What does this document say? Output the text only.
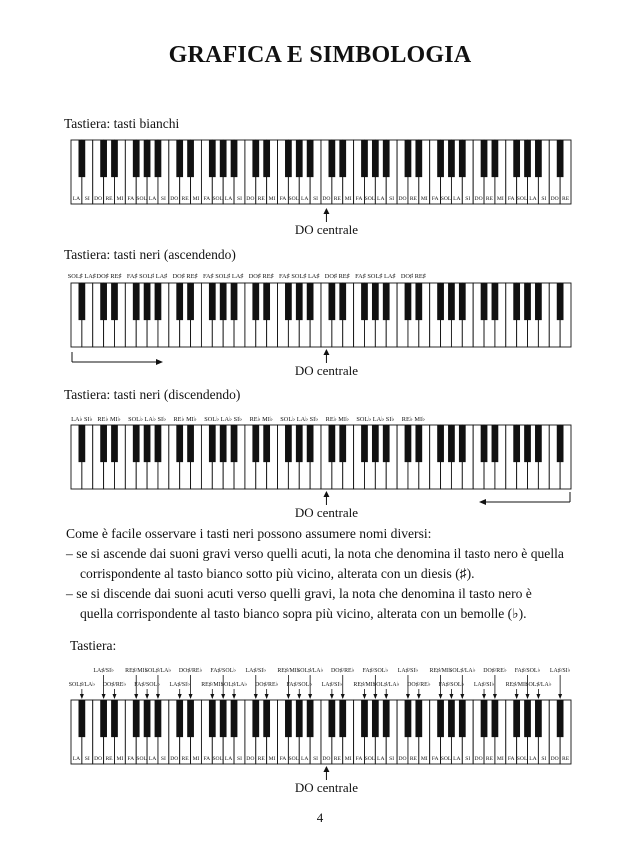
GRAFICA E SIMBOLOGIA
Tastiera: tasti bianchi
LA SI DO RE MI FA SOL LA SI DO RE MI FA SOL LA SI DO RE MI FA SOL LA SI DO RE MI FA SOL LA SI DO RE MI FA SOL LA SI DO RE MI FA SOL LA SI DO RE
DO centrale
SOL♯ LA♯ DO♯ RE♯ FA♯ SOL♯ LA♯ DO♯ RE♯ FA♯ SOL♯ LA♯ DO♯ RE♯ FA♯ SOL♯ LA♯ DO♯ RE♯ FA♯ SOL♯ LA♯ DO♯ RE♯
DO centrale
LA♭ SI♭ RE♭ MI♭ SOL♭ LA♭ SI♭ RE♭ MI♭ SOL♭ LA♭ SI♭ RE♭ MI♭ SOL♭ LA♭ SI♭ RE♭ MI♭ SOL♭ LA♭ SI♭ RE♭ MI♭
DO centrale
LA SI DO RE MI FA SOL LA SI DO RE MI FA SOL LA SI DO RE MI FA SOL LA SI DO RE MI FA SOL LA SI DO RE MI FA SOL LA SI DO RE MI FA SOL LA SI DO RE
SOL♯/LA♭
LA♯/SI♭
DO♯/RE♭
RE♯/MI♭
FA♯/SOL♭
SOL♯/LA♭
LA♯/SI♭
DO♯/RE♭
RE♯/MI♭
FA♯/SOL♭
SOL♯/LA♭
LA♯/SI♭
DO♯/RE♭
RE♯/MI♭
FA♯/SOL♭
SOL♯/LA♭
LA♯/SI♭
DO♯/RE♭
RE♯/MI♭
FA♯/SOL♭
SOL♯/LA♭
LA♯/SI♭
DO♯/RE♭
RE♯/MI♭
FA♯/SOL♭
SOL♯/LA♭
LA♯/SI♭
DO♯/RE♭
RE♯/MI♭
FA♯/SOL♭
SOL♯/LA♭
LA♯/SI♭
DO centrale
Tastiera: tasti neri (ascendendo)
Tastiera: tasti neri (discendendo)
Tastiera:
Come è facile osservare i tasti neri possono assumere nomi diversi:
– se si ascende dai suoni gravi verso quelli acuti, la nota che denomina il tasto nero è quella corrispondente al tasto bianco sotto più vicino, alterata con un diesis (♯).
– se si discende dai suoni acuti verso quelli gravi, la nota che denomina il tasto nero è quella corrispondente al tasto bianco sopra più vicino, alterata con un bemolle (♭).
4
